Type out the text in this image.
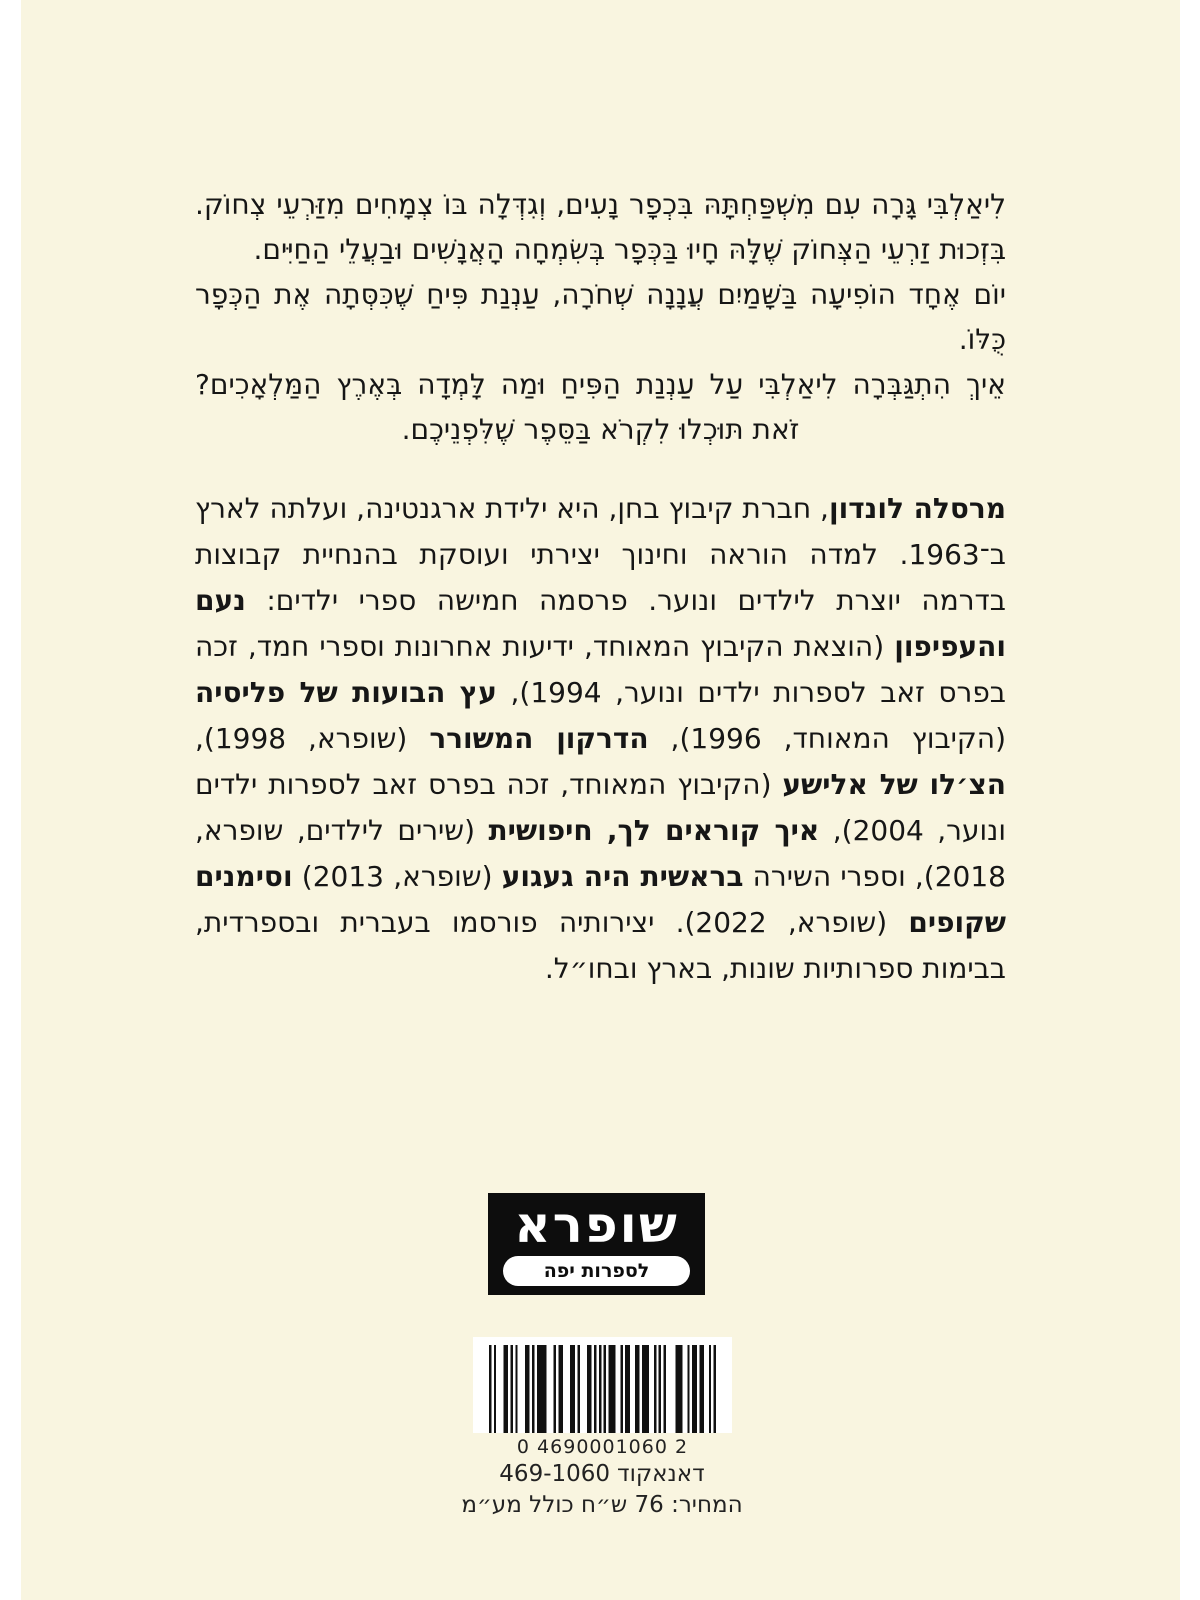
לִיאַלְבִּי גָּרָה עִם מִשְׁפַּחְתָּהּ בִּכְפָר נָעִים, וְגִדְּלָה בּוֹ צְמָחִים מִזַּרְעֵי צְחוֹק. בִּזְכוּת זַרְעֵי הַצְּחוֹק שֶׁלָּהּ חָיוּ בַּכְּפָר בְּשִׂמְחָה הָאֲנָשִׁים וּבַעֲלֵי הַחַיִּים.

יוֹם אֶחָד הוֹפִיעָה בַּשָּׁמַיִם עֲנָנָה שְׁחֹרָה, עַנְנַת פִּיחַ שֶׁכִּסְּתָה אֶת הַכְּפָר כֻּלּוֹ.

אֵיךְ הִתְגַּבְּרָה לִיאַלְבִּי עַל עַנְנַת הַפִּיחַ וּמַה לָּמְדָה בְּאֶרֶץ הַמַּלְאָכִים? זֹאת תּוּכְלוּ לִקְרֹא בַּסֵּפֶר שֶׁלִּפְנֵיכֶם.

מרסלה לונדון, חברת קיבוץ בחן, היא ילידת ארגנטינה, ועלתה לארץ ב־1963. למדה הוראה וחינוך יצירתי ועוסקת בהנחיית קבוצות בדרמה יוצרת לילדים ונוער. פרסמה חמישה ספרי ילדים: נעם והעפיפון (הוצאת הקיבוץ המאוחד, ידיעות אחרונות וספרי חמד, זכה בפרס זאב לספרות ילדים ונוער, 1994), עץ הבועות של פליסיה (הקיבוץ המאוחד, 1996), הדרקון המשורר (שופרא, 1998), הצ׳לו של אלישע (הקיבוץ המאוחד, זכה בפרס זאב לספרות ילדים ונוער, 2004), איך קוראים לך, חיפושית (שירים לילדים, שופרא, 2018), וספרי השירה בראשית היה געגוע (שופרא, 2013) וסימנים שקופים (שופרא, 2022). יצירותיה פורסמו בעברית ובספרדית, בבימות ספרותיות שונות, בארץ ובחו״ל.
שופרא
לספרות יפה
0 4690001060 2
דאנאקוד469-1060
המחיר: 76 ש״ח כולל מע״מ
